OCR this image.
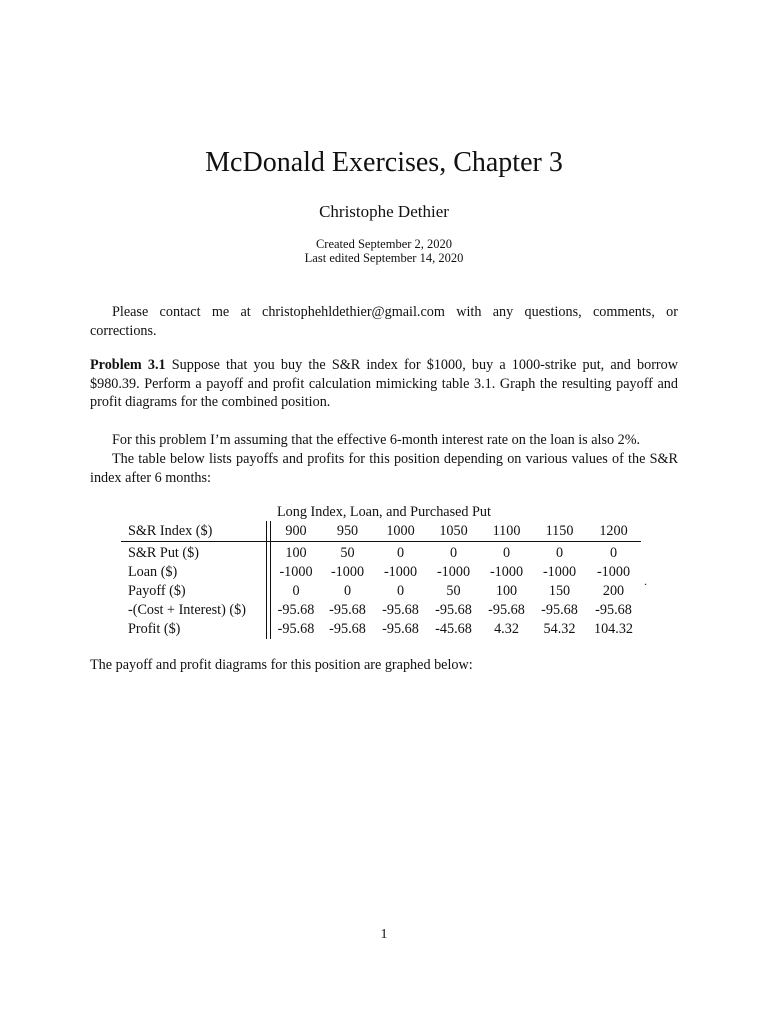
McDonald Exercises, Chapter 3
Christophe Dethier
Created September 2, 2020
Last edited September 14, 2020
Please contact me at christophehldethier@gmail.com with any questions, comments, or corrections.
Problem 3.1 Suppose that you buy the S&R index for $1000, buy a 1000-strike put, and borrow $980.39. Perform a payoff and profit calculation mimicking table 3.1. Graph the resulting payoff and profit diagrams for the combined position.
For this problem I’m assuming that the effective 6-month interest rate on the loan is also 2%.
The table below lists payoffs and profits for this position depending on various values of the S&R index after 6 months:
Long Index, Loan, and Purchased Put
S&R Index ($)		900	950	1000	1050	1100	1150	1200
S&R Put ($)		100	50	0	0	0	0	0
Loan ($)		-1000	-1000	-1000	-1000	-1000	-1000	-1000
Payoff ($)		0	0	0	50	100	150	200
-(Cost + Interest) ($)		-95.68	-95.68	-95.68	-95.68	-95.68	-95.68	-95.68
Profit ($)		-95.68	-95.68	-95.68	-45.68	4.32	54.32	104.32
.
The payoff and profit diagrams for this position are graphed below:
1
